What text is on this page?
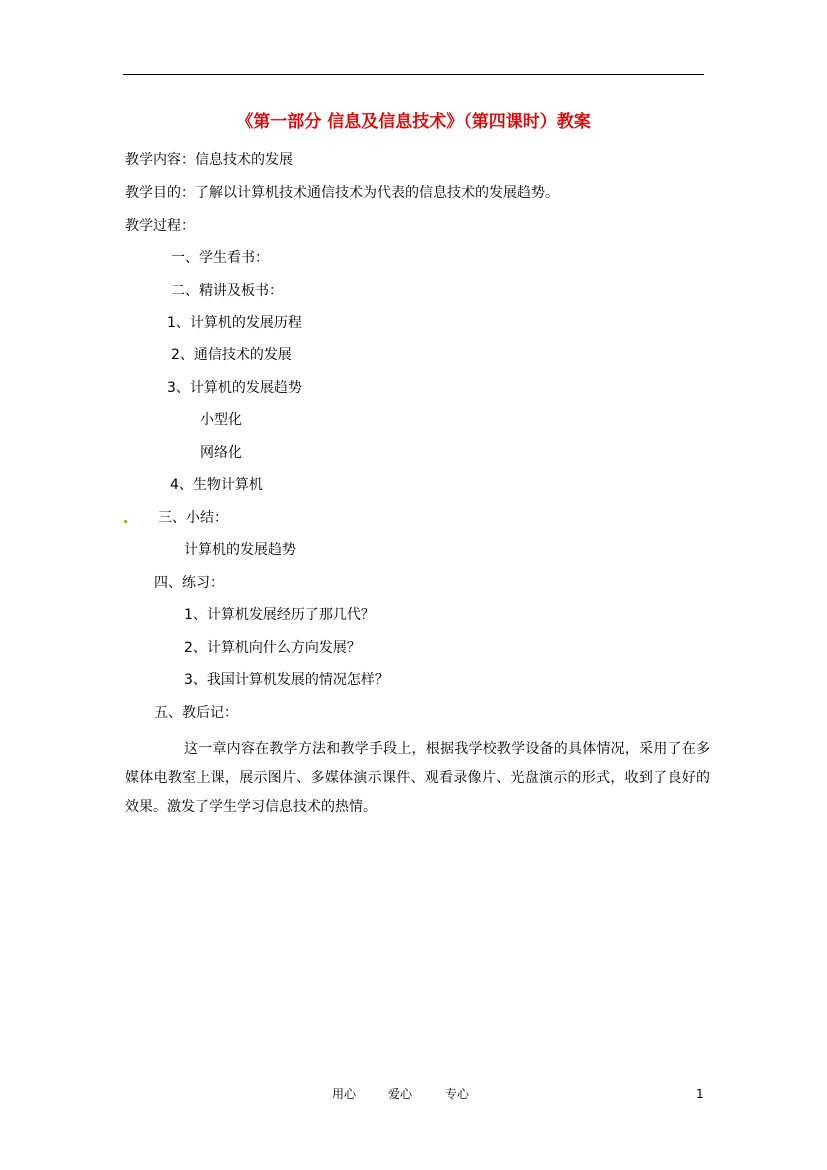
《第一部分 信息及信息技术》（第四课时）教案
教学内容：信息技术的发展
教学目的：了解以计算机技术通信技术为代表的信息技术的发展趋势。
教学过程：
一、学生看书：
二、精讲及板书：
1、计算机的发展历程
2、通信技术的发展
3、计算机的发展趋势
小型化
网络化
4、生物计算机
三、小结：
计算机的发展趋势
四、练习：
1、计算机发展经历了那几代？
2、计算机向什么方向发展？
3、我国计算机发展的情况怎样？
五、教后记：
这一章内容在教学方法和教学手段上，根据我学校教学设备的具体情况，采用了在多媒体电教室上课，展示图片、多媒体演示课件、观看录像片、光盘演示的形式，收到了良好的效果。激发了学生学习信息技术的热情。
用心	爱心	专心	1
